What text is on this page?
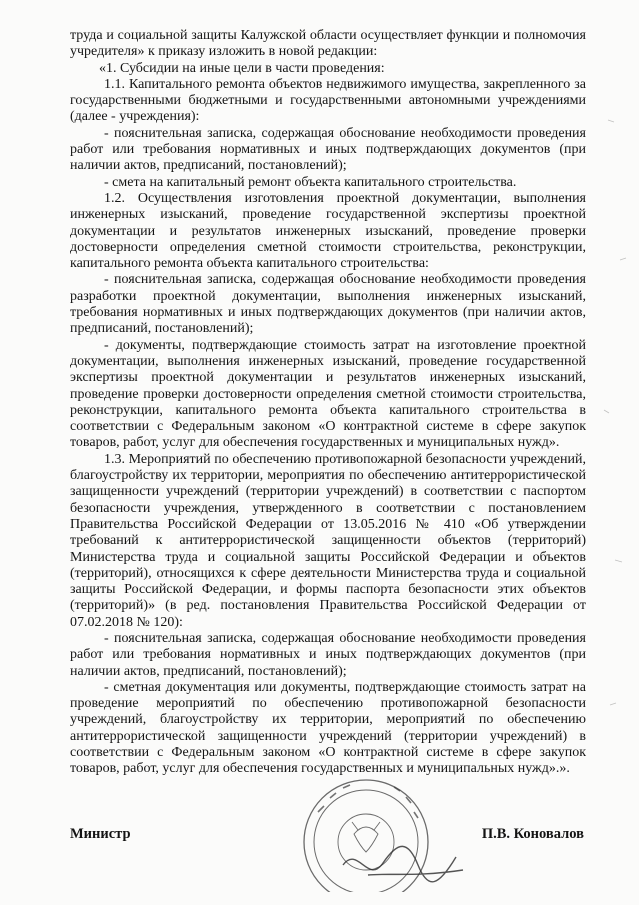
труда и социальной защиты Калужской области осуществляет функции и полномочия учредителя» к приказу изложить в новой редакции:

«1. Субсидии на иные цели в части проведения:

1.1. Капитального ремонта объектов недвижимого имущества, закрепленного за государственными бюджетными и государственными автономными учреждениями (далее - учреждения):

- пояснительная записка, содержащая обоснование необходимости проведения работ или требования нормативных и иных подтверждающих документов (при наличии актов, предписаний, постановлений);

- смета на капитальный ремонт объекта капитального строительства.

1.2. Осуществления изготовления проектной документации, выполнения инженерных изысканий, проведение государственной экспертизы проектной документации и результатов инженерных изысканий, проведение проверки достоверности определения сметной стоимости строительства, реконструкции, капитального ремонта объекта капитального строительства:

- пояснительная записка, содержащая обоснование необходимости проведения разработки проектной документации, выполнения инженерных изысканий, требования нормативных и иных подтверждающих документов (при наличии актов, предписаний, постановлений);

- документы, подтверждающие стоимость затрат на изготовление проектной документации, выполнения инженерных изысканий, проведение государственной экспертизы проектной документации и результатов инженерных изысканий, проведение проверки достоверности определения сметной стоимости строительства, реконструкции, капитального ремонта объекта капитального строительства в соответствии с Федеральным законом «О контрактной системе в сфере закупок товаров, работ, услуг для обеспечения государственных и муниципальных нужд».

1.3. Мероприятий по обеспечению противопожарной безопасности учреждений, благоустройству их территории, мероприятия по обеспечению антитеррористической защищенности учреждений (территории учреждений) в соответствии с паспортом безопасности учреждения, утвержденного в соответствии с постановлением Правительства Российской Федерации от 13.05.2016 № 410 «Об утверждении требований к антитеррористической защищенности объектов (территорий) Министерства труда и социальной защиты Российской Федерации и объектов (территорий), относящихся к сфере деятельности Министерства труда и социальной защиты Российской Федерации, и формы паспорта безопасности этих объектов (территорий)» (в ред. постановления Правительства Российской Федерации от 07.02.2018 № 120):

- пояснительная записка, содержащая обоснование необходимости проведения работ или требования нормативных и иных подтверждающих документов (при наличии актов, предписаний, постановлений);

- сметная документация или документы, подтверждающие стоимость затрат на проведение мероприятий по обеспечению противопожарной безопасности учреждений, благоустройству их территории, мероприятий по обеспечению антитеррористической защищенности учреждений (территории учреждений) в соответствии с Федеральным законом «О контрактной системе в сфере закупок товаров, работ, услуг для обеспечения государственных и муниципальных нужд».».

Министр	П.В. Коновалов
